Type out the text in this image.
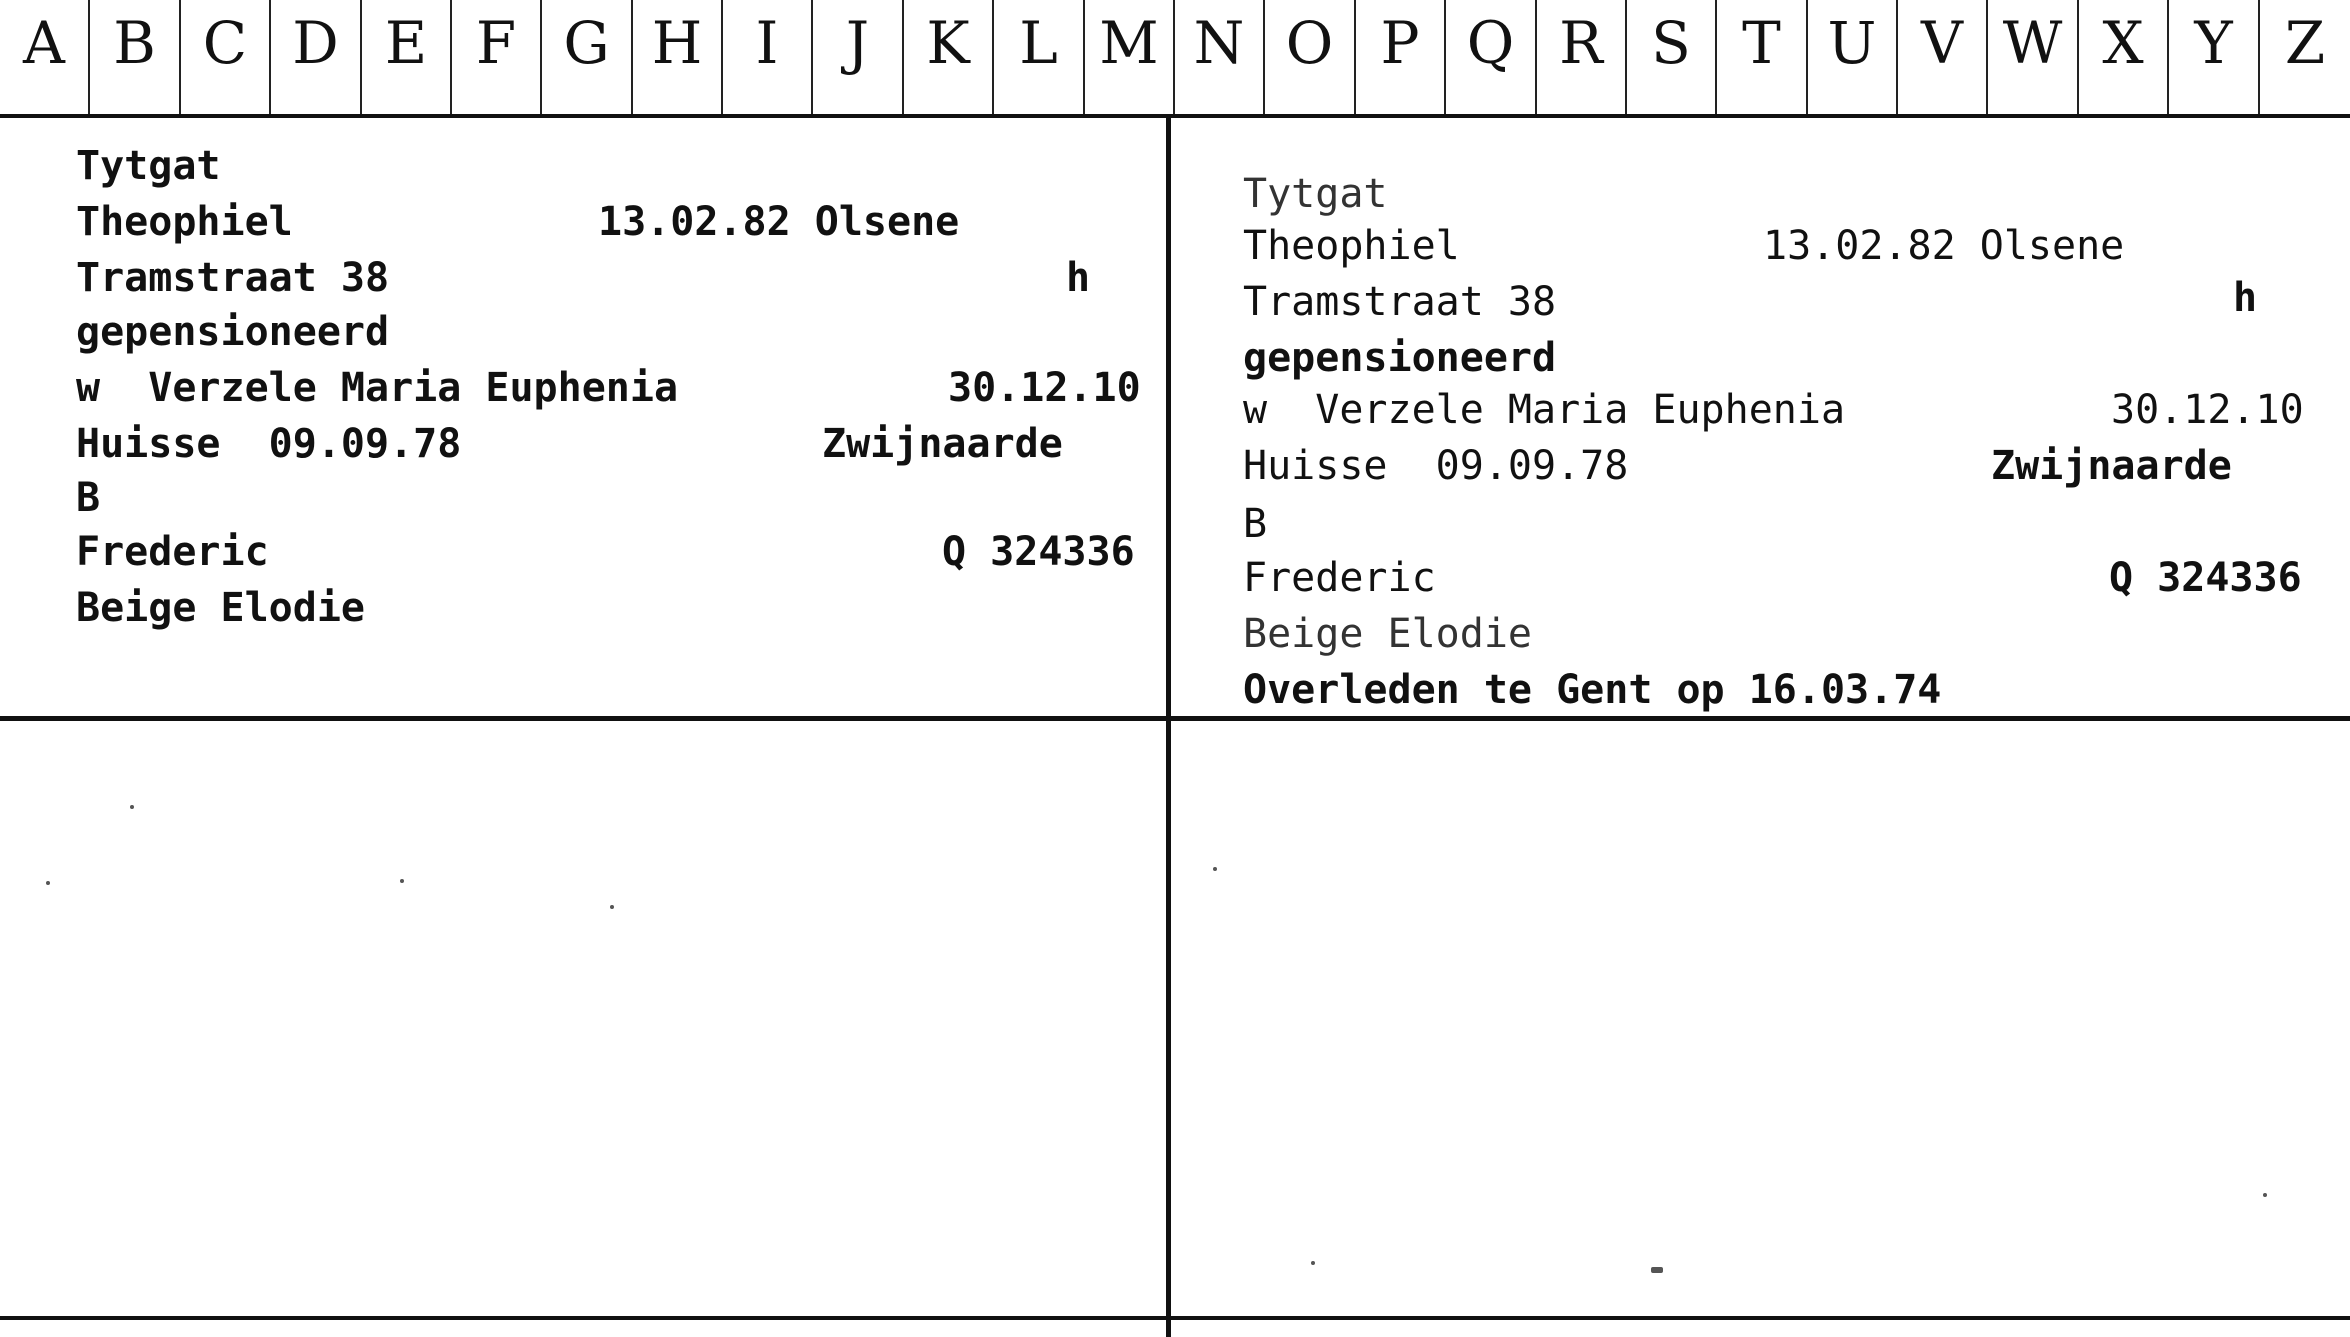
A B C D E F G H I	J K L M N O P Q R S T U V W X Y Z
Tytgat
Theophiel	13.02.82 Olsene
Tramstraat 38	h
gepensioneerd
w  Verzele Maria Euphenia	30.12.10
Huisse  09.09.78	Zwijnaarde
B
Frederic	Q 324336
Beige Elodie
Tytgat
Theophiel	13.02.82 Olsene
Tramstraat 38	h
gepensioneerd
w  Verzele Maria Euphenia	30.12.10
Huisse  09.09.78	Zwijnaarde
B
Frederic	Q 324336
Beige Elodie
Overleden te Gent op 16.03.74
